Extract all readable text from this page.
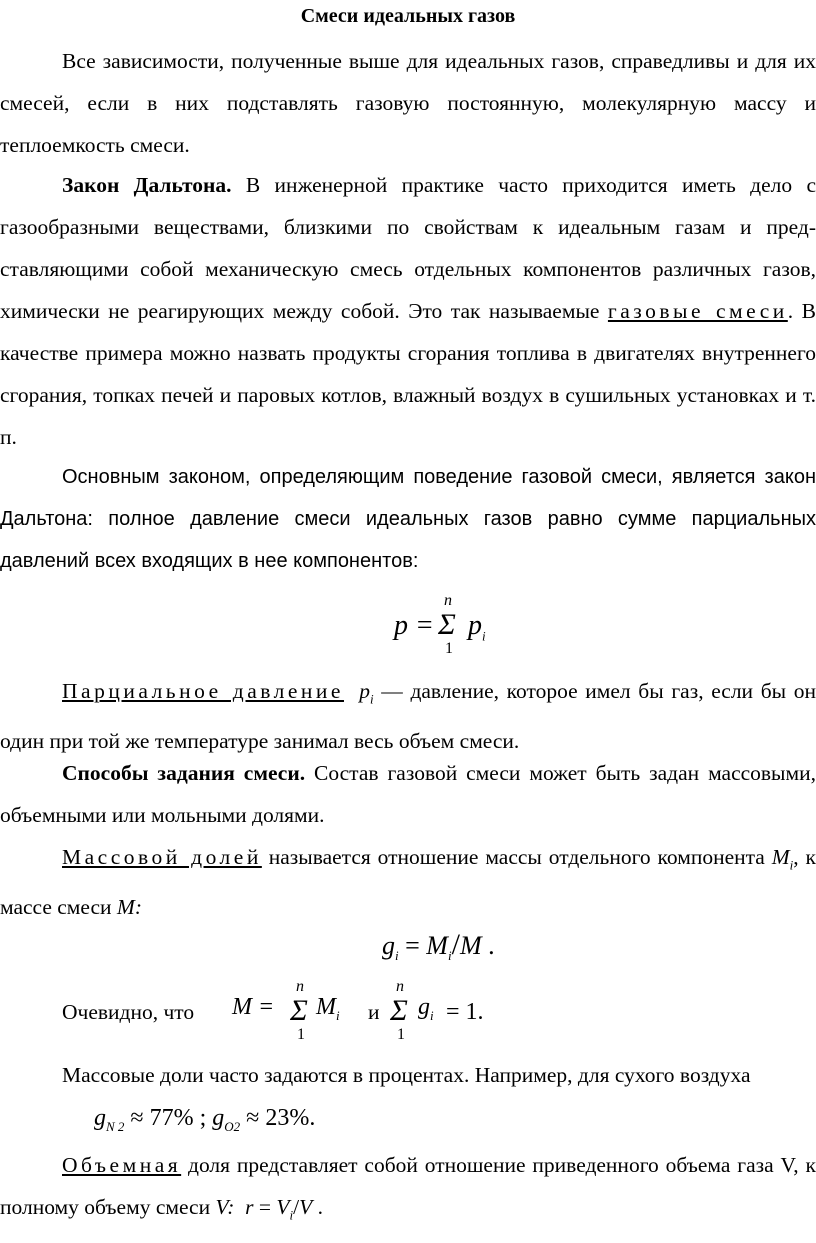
Смеси идеальных газов

Все зависимости, полученные выше для идеальных газов, справедливы и для их смесей, если в них подставлять газовую постоянную, молекулярную массу и теплоемкость смеси.

Закон Дальтона. В инженерной практике часто приходится иметь дело с газообразными веществами, близкими по свойствам к идеальным газам и пред-ставляющими собой механическую смесь отдельных компонентов различных газов, химически не реагирующих между собой. Это так называемые газовые смеси. В качестве примера можно назвать продукты сгорания топлива в двигателях внутреннего сгорания, топках печей и паровых котлов, влажный воздух в сушильных установках и т. п.

Основным законом, определяющим поведение газовой смеси, является закон Дальтона: полное давление смеси идеальных газов равно сумме парциальных давлений всех входящих в нее компонентов:

p =
n
Σ
1
$p_i$

Парциальное давление $p_i$ — давление, которое имел бы газ, если бы он один при той же температуре занимал весь объем смеси.

Способы задания смеси. Состав газовой смеси может быть задан массовыми, объемными или мольными долями.

Массовой долей называется отношение массы отдельного компонента $M_i$, к массе смеси M:

$g_i = M_i/M$ .
Очевидно, что M =
n
Σ
1
$M_i$ и
n
Σ
1
$g_i = 1$.

Массовые доли часто задаются в процентах. Например, для сухого воздуха

$g_{N 2} \approx 77\%$ ; $g_{O2} \approx 23\%$.

Объемная доля представляет собой отношение приведенного объема газа V, к полному объему смеси V: $r = V_i/V$ .
